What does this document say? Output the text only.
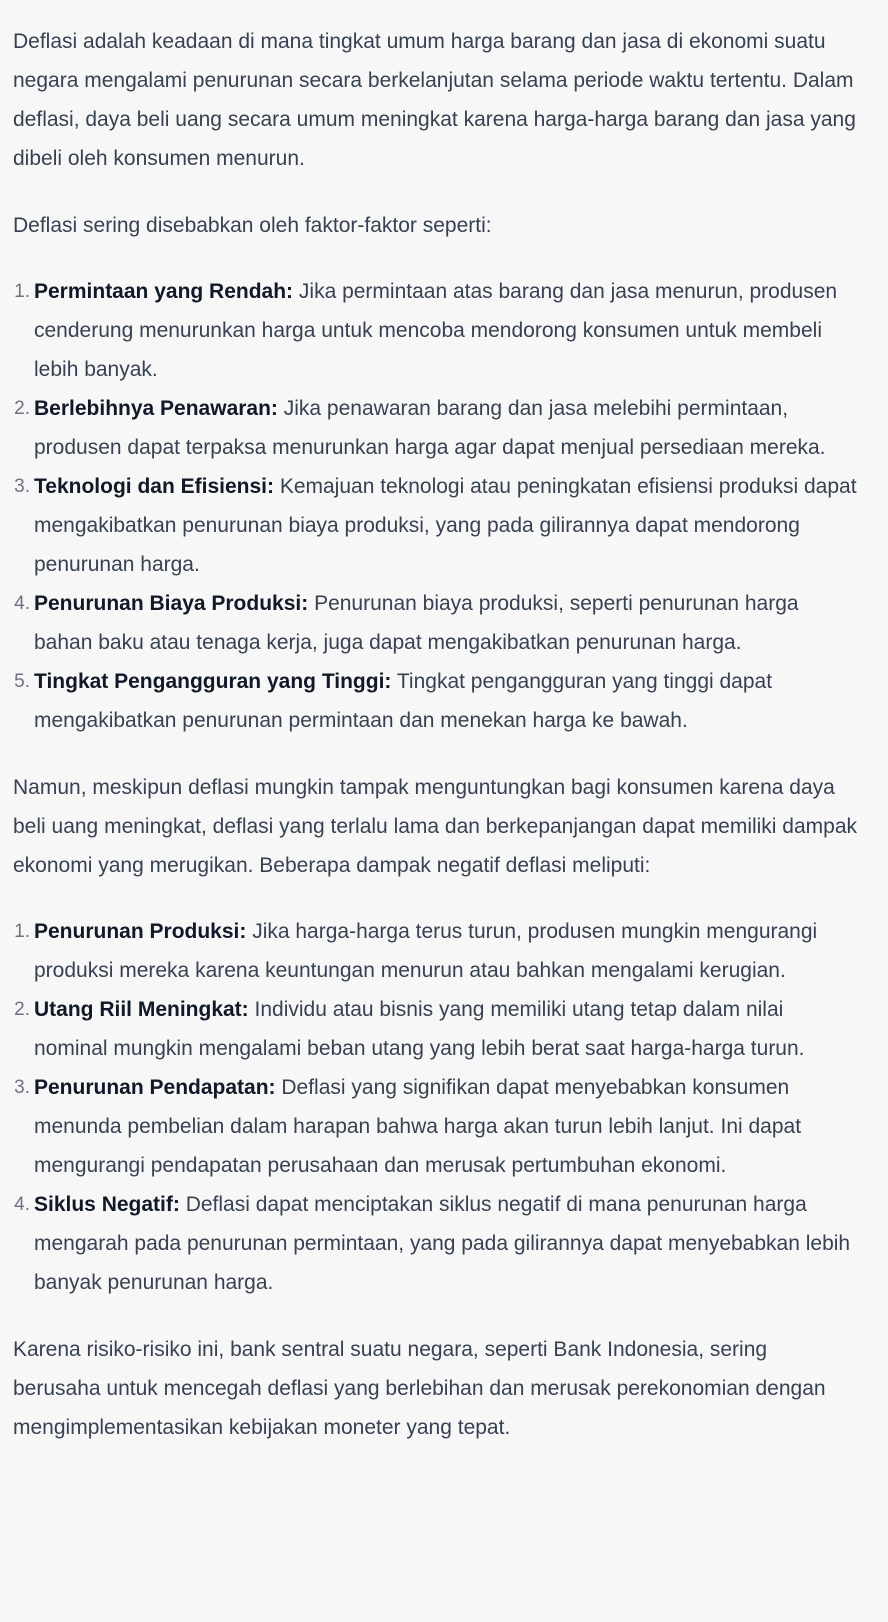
Deflasi adalah keadaan di mana tingkat umum harga barang dan jasa di ekonomi suatu negara mengalami penurunan secara berkelanjutan selama periode waktu tertentu. Dalam deflasi, daya beli uang secara umum meningkat karena harga-harga barang dan jasa yang dibeli oleh konsumen menurun.

Deflasi sering disebabkan oleh faktor-faktor seperti:

1. Permintaan yang Rendah: Jika permintaan atas barang dan jasa menurun, produsen cenderung menurunkan harga untuk mencoba mendorong konsumen untuk membeli lebih banyak.
2. Berlebihnya Penawaran: Jika penawaran barang dan jasa melebihi permintaan, produsen dapat terpaksa menurunkan harga agar dapat menjual persediaan mereka.
3. Teknologi dan Efisiensi: Kemajuan teknologi atau peningkatan efisiensi produksi dapat mengakibatkan penurunan biaya produksi, yang pada gilirannya dapat mendorong penurunan harga.
4. Penurunan Biaya Produksi: Penurunan biaya produksi, seperti penurunan harga bahan baku atau tenaga kerja, juga dapat mengakibatkan penurunan harga.
5. Tingkat Pengangguran yang Tinggi: Tingkat pengangguran yang tinggi dapat mengakibatkan penurunan permintaan dan menekan harga ke bawah.

Namun, meskipun deflasi mungkin tampak menguntungkan bagi konsumen karena daya beli uang meningkat, deflasi yang terlalu lama dan berkepanjangan dapat memiliki dampak ekonomi yang merugikan. Beberapa dampak negatif deflasi meliputi:

1. Penurunan Produksi: Jika harga-harga terus turun, produsen mungkin mengurangi produksi mereka karena keuntungan menurun atau bahkan mengalami kerugian.
2. Utang Riil Meningkat: Individu atau bisnis yang memiliki utang tetap dalam nilai nominal mungkin mengalami beban utang yang lebih berat saat harga-harga turun.
3. Penurunan Pendapatan: Deflasi yang signifikan dapat menyebabkan konsumen menunda pembelian dalam harapan bahwa harga akan turun lebih lanjut. Ini dapat mengurangi pendapatan perusahaan dan merusak pertumbuhan ekonomi.
4. Siklus Negatif: Deflasi dapat menciptakan siklus negatif di mana penurunan harga mengarah pada penurunan permintaan, yang pada gilirannya dapat menyebabkan lebih banyak penurunan harga.

Karena risiko-risiko ini, bank sentral suatu negara, seperti Bank Indonesia, sering berusaha untuk mencegah deflasi yang berlebihan dan merusak perekonomian dengan mengimplementasikan kebijakan moneter yang tepat.
